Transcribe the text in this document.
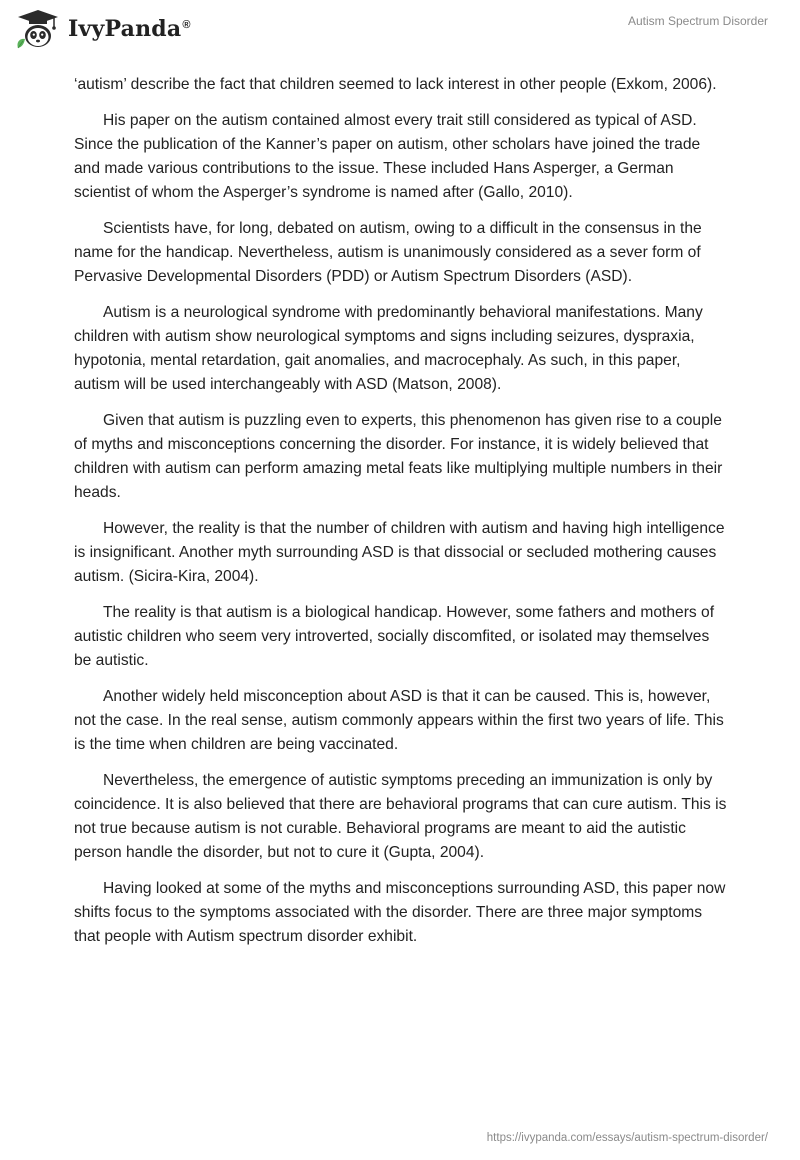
IvyPanda®	Autism Spectrum Disorder

‘autism’ describe the fact that children seemed to lack interest in other people (Exkom, 2006).

His paper on the autism contained almost every trait still considered as typical of ASD. Since the publication of the Kanner’s paper on autism, other scholars have joined the trade and made various contributions to the issue. These included Hans Asperger, a German scientist of whom the Asperger’s syndrome is named after (Gallo, 2010).

Scientists have, for long, debated on autism, owing to a difficult in the consensus in the name for the handicap. Nevertheless, autism is unanimously considered as a sever form of Pervasive Developmental Disorders (PDD) or Autism Spectrum Disorders (ASD).

Autism is a neurological syndrome with predominantly behavioral manifestations. Many children with autism show neurological symptoms and signs including seizures, dyspraxia, hypotonia, mental retardation, gait anomalies, and macrocephaly. As such, in this paper, autism will be used interchangeably with ASD (Matson, 2008).

Given that autism is puzzling even to experts, this phenomenon has given rise to a couple of myths and misconceptions concerning the disorder. For instance, it is widely believed that children with autism can perform amazing metal feats like multiplying multiple numbers in their heads.

However, the reality is that the number of children with autism and having high intelligence is insignificant. Another myth surrounding ASD is that dissocial or secluded mothering causes autism. (Sicira-Kira, 2004).

The reality is that autism is a biological handicap. However, some fathers and mothers of autistic children who seem very introverted, socially discomfited, or isolated may themselves be autistic.

Another widely held misconception about ASD is that it can be caused. This is, however, not the case. In the real sense, autism commonly appears within the first two years of life. This is the time when children are being vaccinated.

Nevertheless, the emergence of autistic symptoms preceding an immunization is only by coincidence. It is also believed that there are behavioral programs that can cure autism. This is not true because autism is not curable. Behavioral programs are meant to aid the autistic person handle the disorder, but not to cure it (Gupta, 2004).

Having looked at some of the myths and misconceptions surrounding ASD, this paper now shifts focus to the symptoms associated with the disorder. There are three major symptoms that people with Autism spectrum disorder exhibit.

https://ivypanda.com/essays/autism-spectrum-disorder/
